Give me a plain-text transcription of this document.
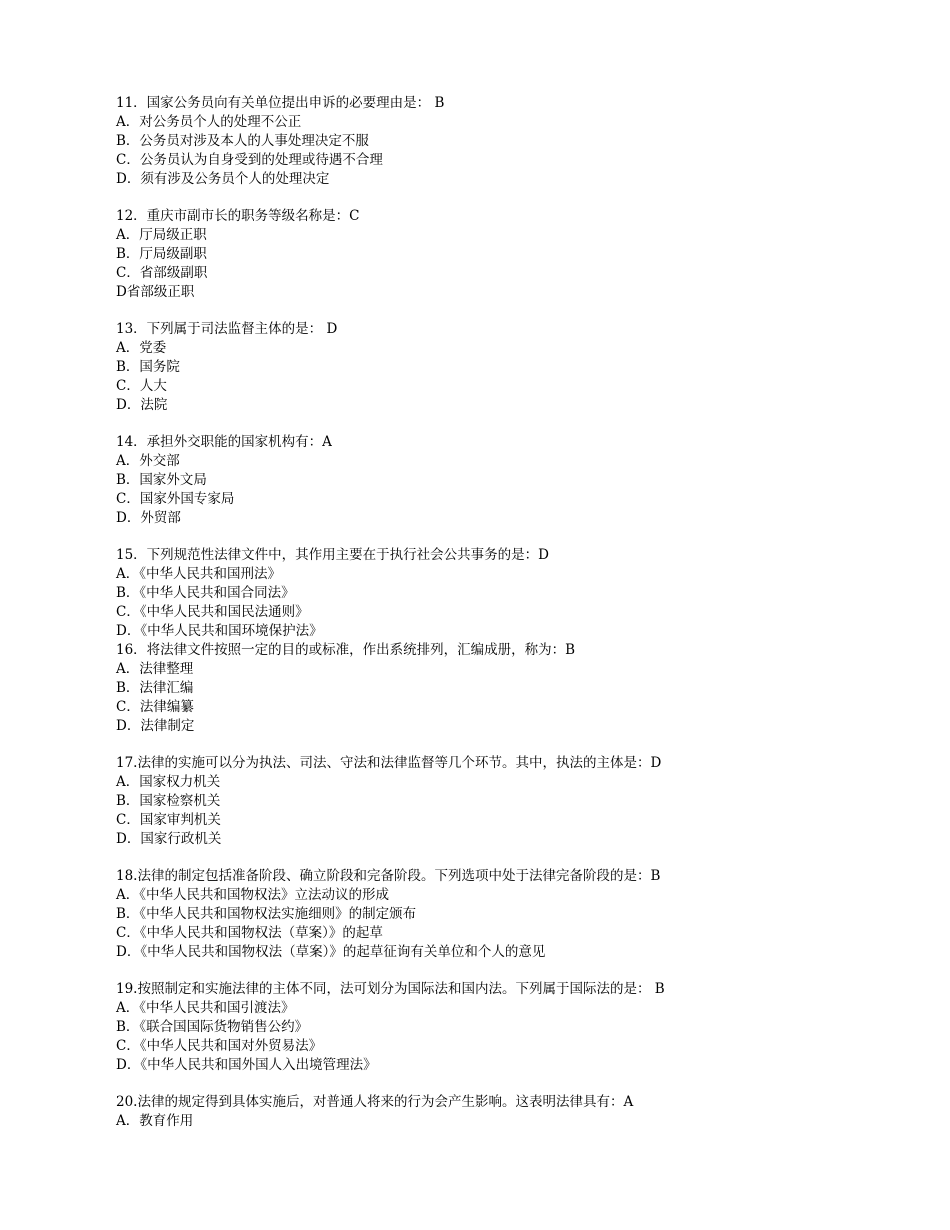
11．国家公务员向有关单位提出申诉的必要理由是： B
A．对公务员个人的处理不公正
B．公务员对涉及本人的人事处理决定不服
C．公务员认为自身受到的处理或待遇不合理
D．须有涉及公务员个人的处理决定
12．重庆市副市长的职务等级名称是：C
A．厅局级正职
B．厅局级副职
C．省部级副职
D省部级正职
13．下列属于司法监督主体的是： D
A．党委
B．国务院
C．人大
D．法院
14．承担外交职能的国家机构有：A
A．外交部
B．国家外文局
C．国家外国专家局
D．外贸部
15．下列规范性法律文件中，其作用主要在于执行社会公共事务的是：D
A．《中华人民共和国刑法》
B．《中华人民共和国合同法》
C．《中华人民共和国民法通则》
D．《中华人民共和国环境保护法》
16．将法律文件按照一定的目的或标准，作出系统排列，汇编成册，称为：B
A．法律整理
B．法律汇编
C．法律编纂
D．法律制定
17.法律的实施可以分为执法、司法、守法和法律监督等几个环节。其中，执法的主体是：D
A．国家权力机关
B．国家检察机关
C．国家审判机关
D．国家行政机关
18.法律的制定包括准备阶段、确立阶段和完备阶段。下列选项中处于法律完备阶段的是：B
A．《中华人民共和国物权法》立法动议的形成
B．《中华人民共和国物权法实施细则》的制定颁布
C．《中华人民共和国物权法（草案）》的起草
D．《中华人民共和国物权法（草案）》的起草征询有关单位和个人的意见
19.按照制定和实施法律的主体不同，法可划分为国际法和国内法。下列属于国际法的是： B
A．《中华人民共和国引渡法》
B．《联合国国际货物销售公约》
C．《中华人民共和国对外贸易法》
D．《中华人民共和国外国人入出境管理法》
20.法律的规定得到具体实施后，对普通人将来的行为会产生影响。这表明法律具有：A
A．教育作用
